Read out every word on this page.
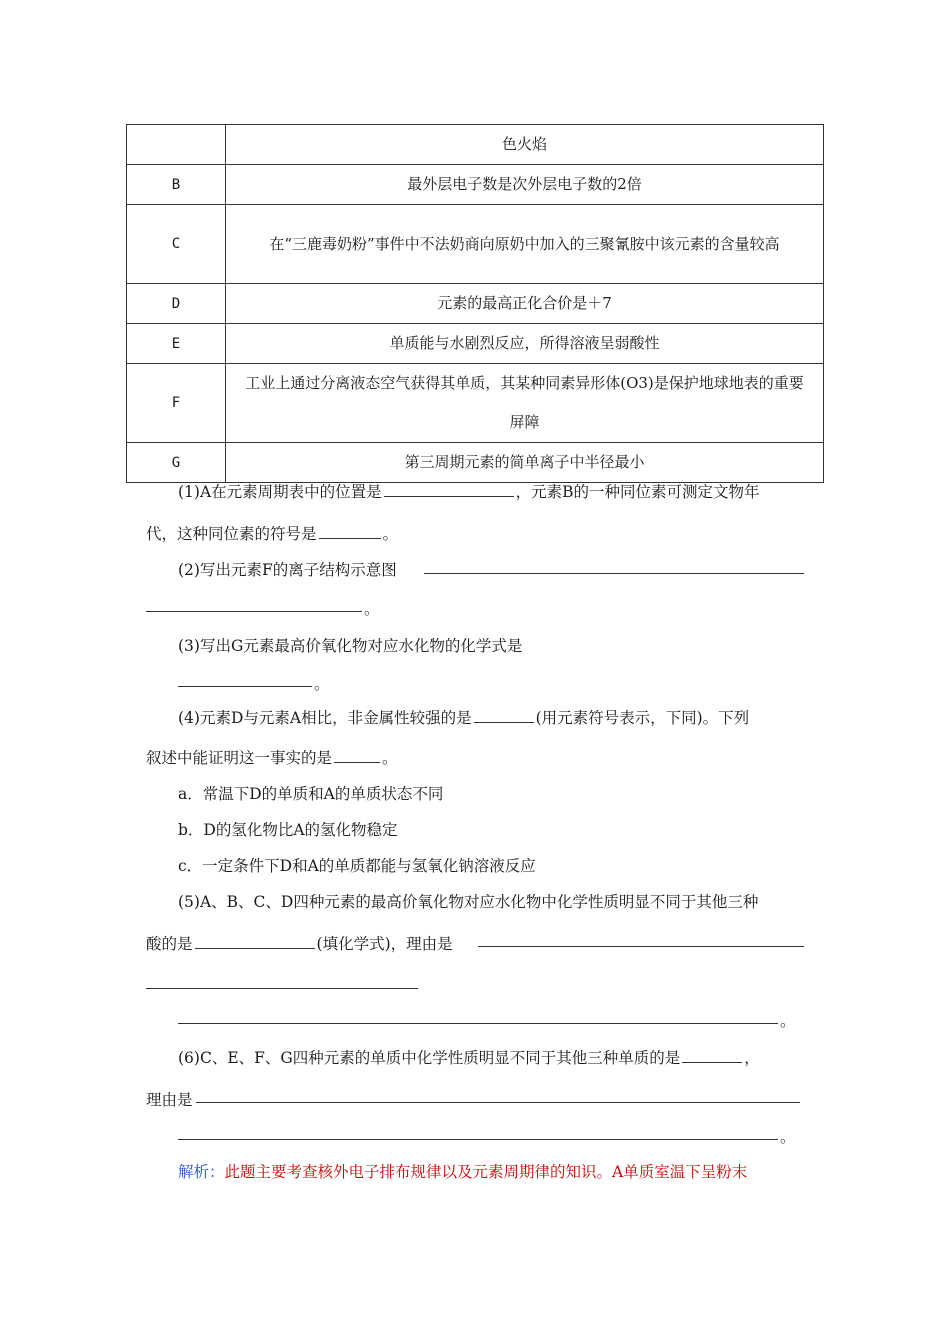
	色火焰
B	最外层电子数是次外层电子数的2倍
C	在“三鹿毒奶粉”事件中不法奶商向原奶中加入的三聚氰胺中该元素的含量较高
D	元素的最高正化合价是＋7
E	单质能与水剧烈反应，所得溶液呈弱酸性
F	工业上通过分离液态空气获得其单质，其某种同素异形体(O3)是保护地球地表的重要屏障
G	第三周期元素的简单离子中半径最小
(1)A在元素周期表中的位置是	，元素B的一种同位素可测定文物年
代，这种同位素的符号是	。
(2)写出元素F的离子结构示意图
。
(3)写出G元素最高价氧化物对应水化物的化学式是
。
(4)元素D与元素A相比，非金属性较强的是	(用元素符号表示，下同)。下列
叙述中能证明这一事实的是	。
a．常温下D的单质和A的单质状态不同
b．D的氢化物比A的氢化物稳定
c．一定条件下D和A的单质都能与氢氧化钠溶液反应
(5)A、B、C、D四种元素的最高价氧化物对应水化物中化学性质明显不同于其他三种
酸的是	(填化学式)，理由是
。
(6)C、E、F、G四种元素的单质中化学性质明显不同于其他三种单质的是	，
理由是
。
解析：此题主要考查核外电子排布规律以及元素周期律的知识。A单质室温下呈粉末
